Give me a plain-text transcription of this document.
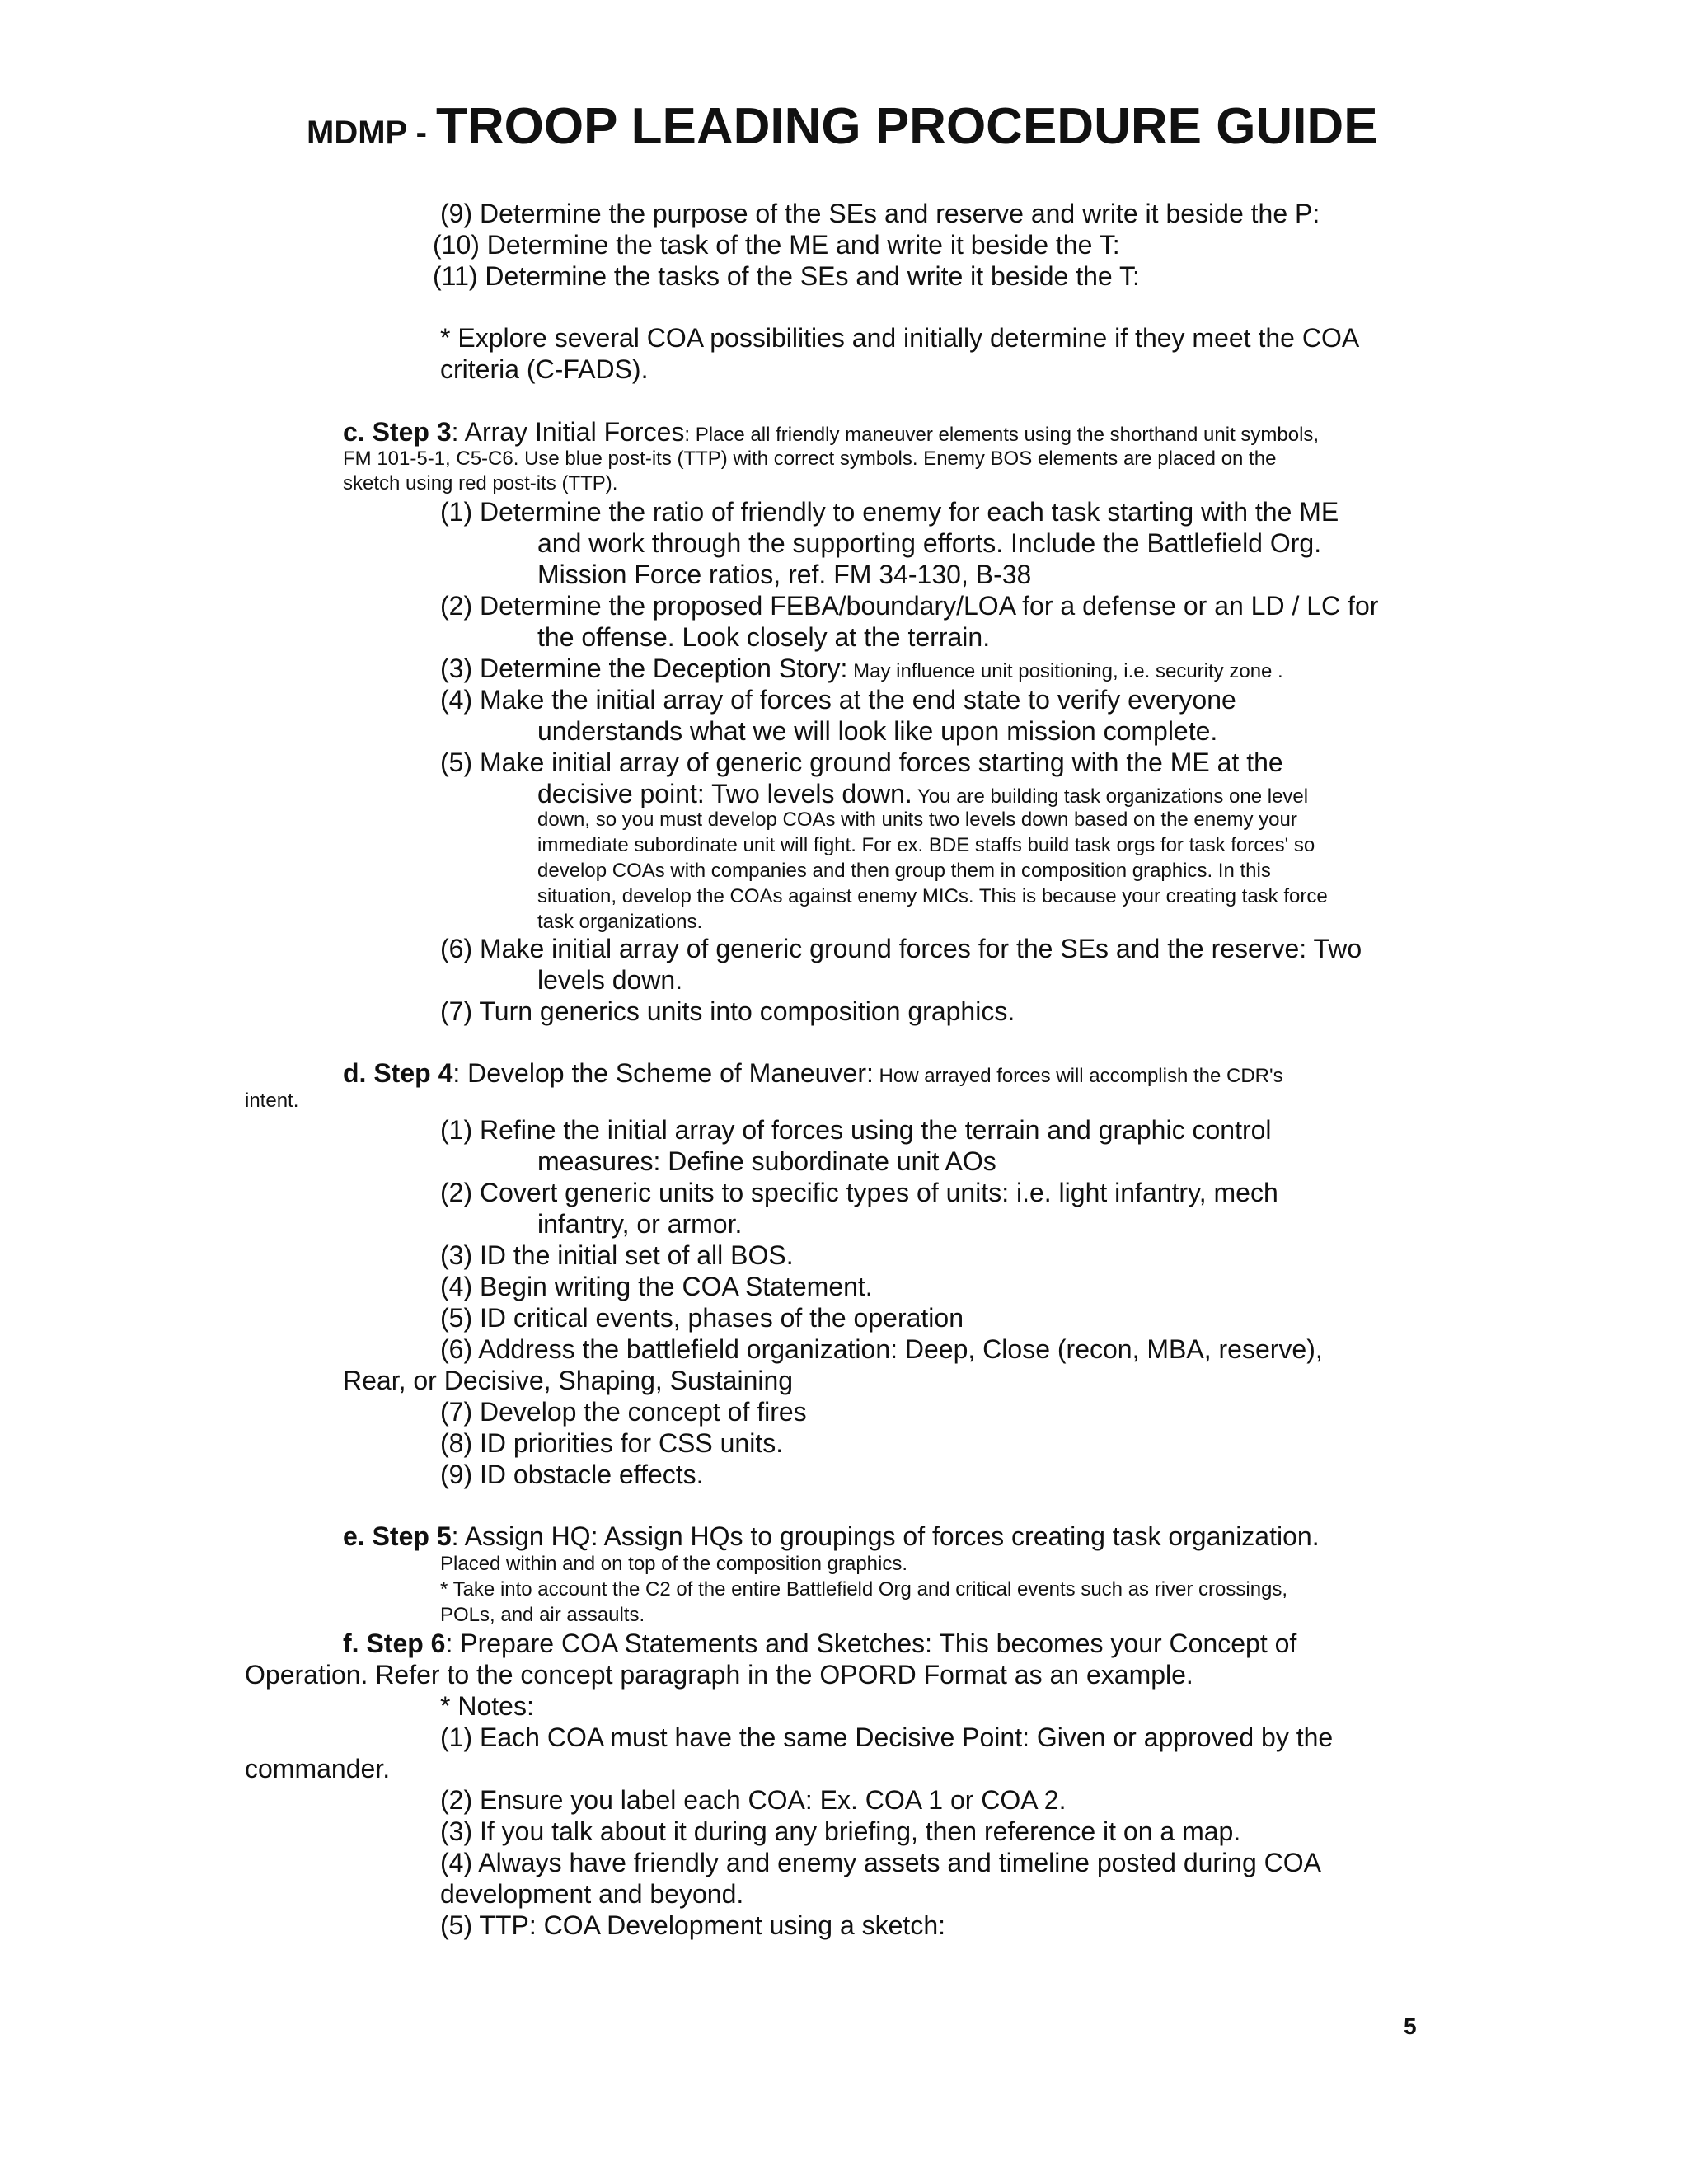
MDMP - TROOP LEADING PROCEDURE GUIDE
(9) Determine the purpose of the SEs and reserve and write it beside the P:
(10) Determine the task of the ME and write it beside the T:
(11) Determine the tasks of the SEs and write it beside the T:
* Explore several COA possibilities and initially determine if they meet the COA
criteria (C-FADS).
c. Step 3: Array Initial Forces: Place all friendly maneuver elements using the shorthand unit symbols,
FM 101-5-1, C5-C6. Use blue post-its (TTP) with correct symbols. Enemy BOS elements are placed on the
sketch using red post-its (TTP).
(1) Determine the ratio of friendly to enemy for each task starting with the ME
and work through the supporting efforts. Include the Battlefield Org.
Mission Force ratios, ref. FM 34-130, B-38
(2) Determine the proposed FEBA/boundary/LOA for a defense or an LD / LC for
the offense. Look closely at the terrain.
(3) Determine the Deception Story: May influence unit positioning, i.e. security zone .
(4) Make the initial array of forces at the end state to verify everyone
understands what we will look like upon mission complete.
(5) Make initial array of generic ground forces starting with the ME at the
decisive point: Two levels down. You are building task organizations one level
down, so you must develop COAs with units two levels down based on the enemy your
immediate subordinate unit will fight. For ex. BDE staffs build task orgs for task forces' so
develop COAs with companies and then group them in composition graphics. In this
situation, develop the COAs against enemy MICs. This is because your creating task force
task organizations.
(6) Make initial array of generic ground forces for the SEs and the reserve: Two
levels down.
(7) Turn generics units into composition graphics.
d. Step 4: Develop the Scheme of Maneuver: How arrayed forces will accomplish the CDR's
intent.
(1) Refine the initial array of forces using the terrain and graphic control
measures: Define subordinate unit AOs
(2) Covert generic units to specific types of units: i.e. light infantry, mech
infantry, or armor.
(3) ID the initial set of all BOS.
(4) Begin writing the COA Statement.
(5) ID critical events, phases of the operation
(6) Address the battlefield organization: Deep, Close (recon, MBA, reserve),
Rear, or Decisive, Shaping, Sustaining
(7) Develop the concept of fires
(8) ID priorities for CSS units.
(9) ID obstacle effects.
e. Step 5: Assign HQ: Assign HQs to groupings of forces creating task organization.
Placed within and on top of the composition graphics.
* Take into account the C2 of the entire Battlefield Org and critical events such as river crossings,
POLs, and air assaults.
f. Step 6: Prepare COA Statements and Sketches: This becomes your Concept of
Operation. Refer to the concept paragraph in the OPORD Format as an example.
* Notes:
(1) Each COA must have the same Decisive Point: Given or approved by the
commander.
(2) Ensure you label each COA: Ex. COA 1 or COA 2.
(3) If you talk about it during any briefing, then reference it on a map.
(4) Always have friendly and enemy assets and timeline posted during COA
development and beyond.
(5) TTP: COA Development using a sketch:
5
